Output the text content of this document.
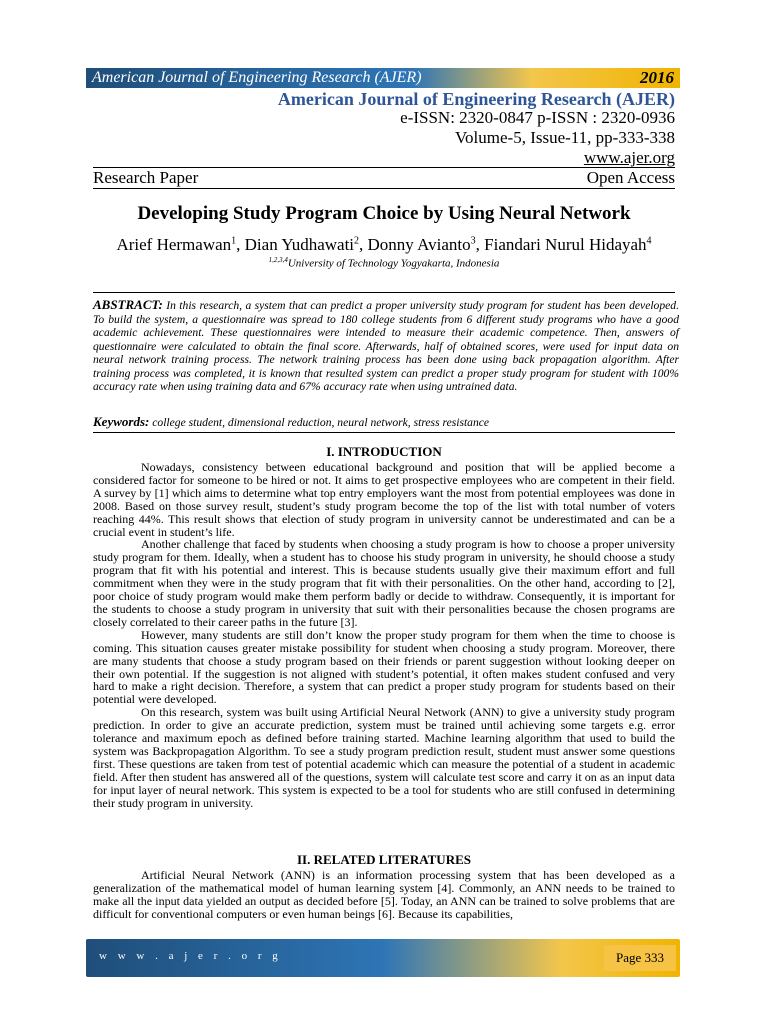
American Journal of Engineering Research (AJER)	2016
American Journal of Engineering Research (AJER)
e-ISSN: 2320-0847 p-ISSN : 2320-0936
Volume-5, Issue-11, pp-333-338
www.ajer.org
Research Paper	Open Access
Developing Study Program Choice by Using Neural Network
Arief Hermawan$^1$, Dian Yudhawati$^2$, Donny Avianto$^3$, Fiandari Nurul Hidayah$^4$
$^{1,2,3,4}$University of Technology Yogyakarta, Indonesia
ABSTRACT: In this research, a system that can predict a proper university study program for student has been developed. To build the system, a questionnaire was spread to 180 college students from 6 different study programs who have a good academic achievement. These questionnaires were intended to measure their academic competence. Then, answers of questionnaire were calculated to obtain the final score. Afterwards, half of obtained scores, were used for input data on neural network training process. The network training process has been done using back propagation algorithm. After training process was completed, it is known that resulted system can predict a proper study program for student with 100% accuracy rate when using training data and 67% accuracy rate when using untrained data.
Keywords: college student, dimensional reduction, neural network, stress resistance
I. INTRODUCTION

Nowadays, consistency between educational background and position that will be applied become a considered factor for someone to be hired or not. It aims to get prospective employees who are competent in their field. A survey by [1] which aims to determine what top entry employers want the most from potential employees was done in 2008. Based on those survey result, student’s study program become the top of the list with total number of voters reaching 44%. This result shows that election of study program in university cannot be underestimated and can be a crucial event in student’s life.

Another challenge that faced by students when choosing a study program is how to choose a proper university study program for them. Ideally, when a student has to choose his study program in university, he should choose a study program that fit with his potential and interest. This is because students usually give their maximum effort and full commitment when they were in the study program that fit with their personalities. On the other hand, according to [2], poor choice of study program would make them perform badly or decide to withdraw. Consequently, it is important for the students to choose a study program in university that suit with their personalities because the chosen programs are closely correlated to their career paths in the future [3].

However, many students are still don’t know the proper study program for them when the time to choose is coming. This situation causes greater mistake possibility for student when choosing a study program. Moreover, there are many students that choose a study program based on their friends or parent suggestion without looking deeper on their own potential. If the suggestion is not aligned with student’s potential, it often makes student confused and very hard to make a right decision. Therefore, a system that can predict a proper study program for students based on their potential were developed.

On this research, system was built using Artificial Neural Network (ANN) to give a university study program prediction. In order to give an accurate prediction, system must be trained until achieving some targets e.g. error tolerance and maximum epoch as defined before training started. Machine learning algorithm that used to build the system was Backpropagation Algorithm. To see a study program prediction result, student must answer some questions first. These questions are taken from test of potential academic which can measure the potential of a student in academic field. After then student has answered all of the questions, system will calculate test score and carry it on as an input data for input layer of neural network. This system is expected to be a tool for students who are still confused in determining their study program in university.

II. RELATED LITERATURES

Artificial Neural Network (ANN) is an information processing system that has been developed as a generalization of the mathematical model of human learning system [4]. Commonly, an ANN needs to be trained to make all the input data yielded an output as decided before [5]. Today, an ANN can be trained to solve problems that are difficult for conventional computers or even human beings [6]. Because its capabilities,

w w w . a j e r . o r g	Page 333
